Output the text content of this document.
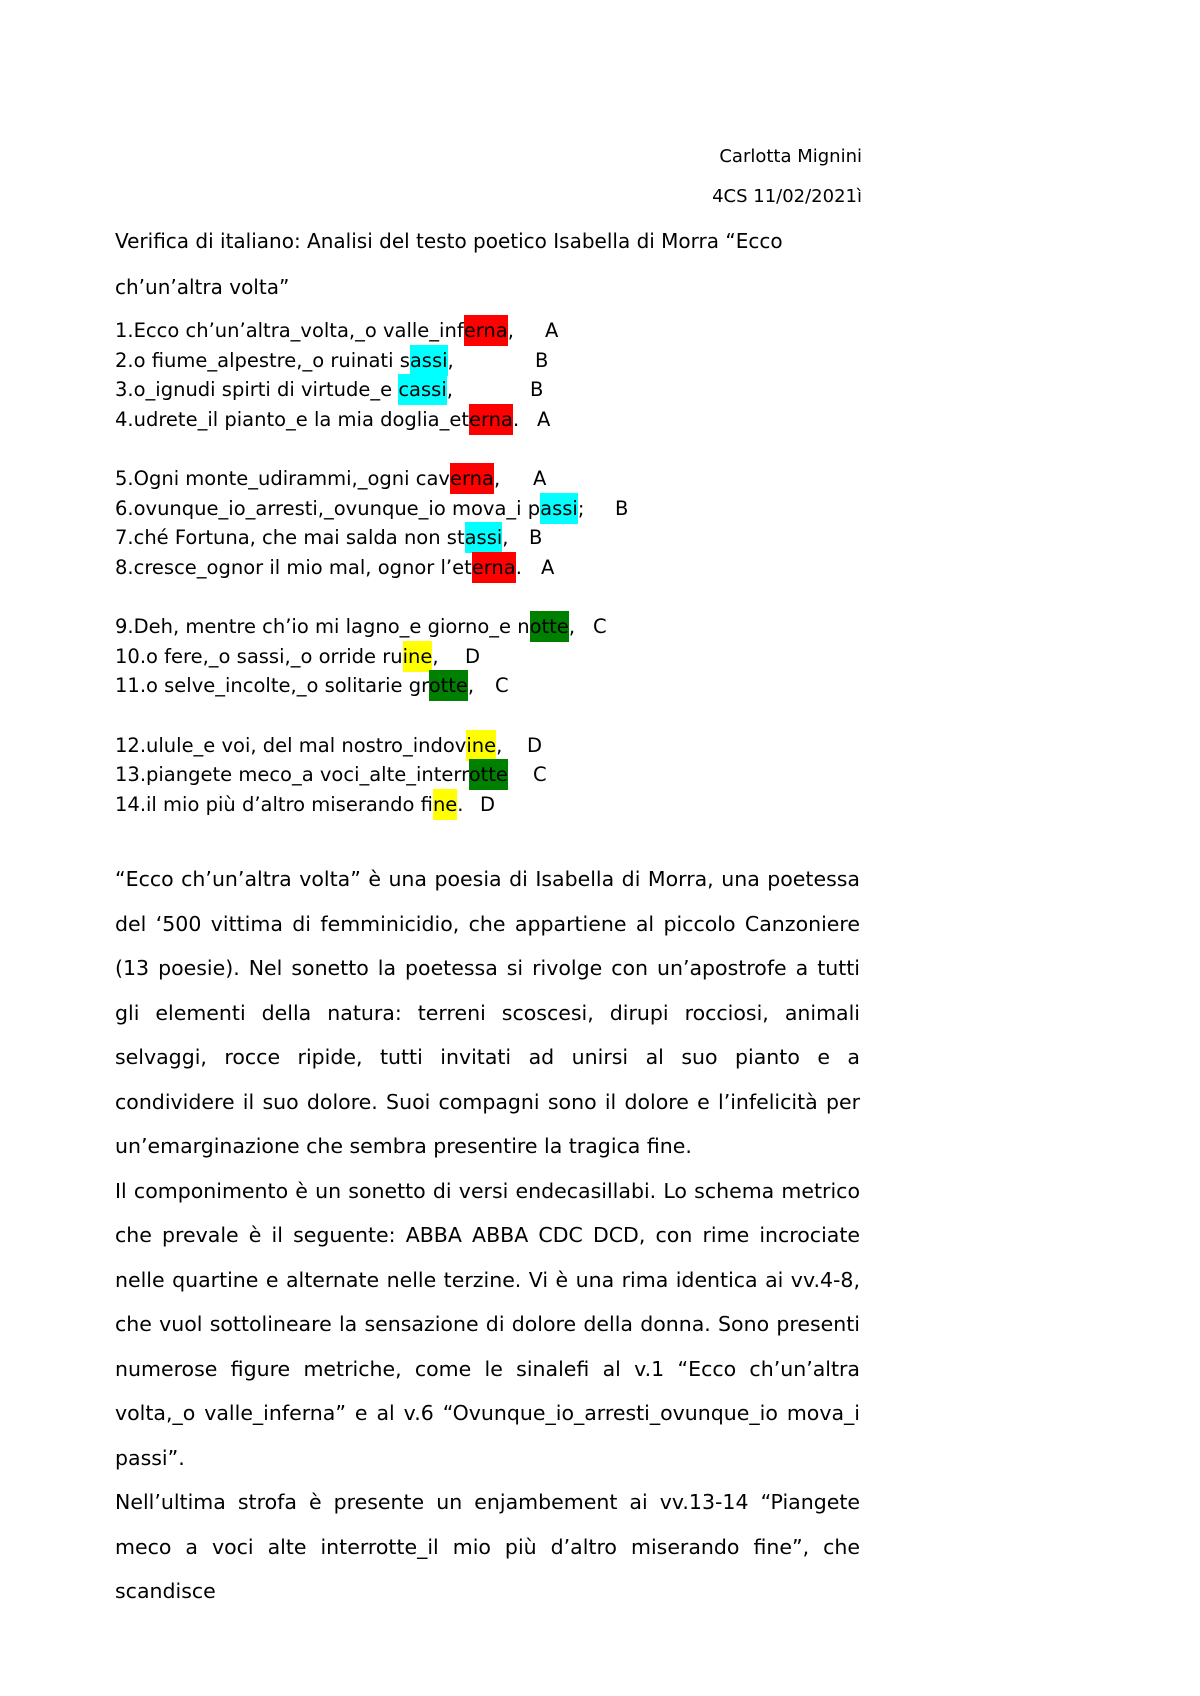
Carlotta Mignini
4CS 11/02/2021ì
Verifica di italiano: Analisi del testo poetico Isabella di Morra “Ecco
ch’un’altra volta”
1.Ecco ch’un’altra_volta,_o valle_inferna, A
2.o fiume_alpestre,_o ruinati sassi,	B
3.o_ignudi spirti di virtude_e cassi,	B
4.udrete_il pianto_e la mia doglia_eterna. A
5.Ogni monte_udirammi,_ogni caverna, A
6.ovunque_io_arresti,_ovunque_io mova_i passi; B
7.ché Fortuna, che mai salda non stassi, B
8.cresce_ognor il mio mal, ognor l’eterna. A
9.Deh, mentre ch’io mi lagno_e giorno_e notte, C
10.o fere,_o sassi,_o orride ruine, D
11.o selve_incolte,_o solitarie grotte, C
12.ulule_e voi, del mal nostro_indovine, D
13.piangete meco_a voci_alte_interrotte C
14.il mio più d’altro miserando fine. D

“Ecco ch’un’altra volta” è una poesia di Isabella di Morra, una poetessa del ‘500 vittima di femminicidio, che appartiene al piccolo Canzoniere (13 poesie). Nel sonetto la poetessa si rivolge con un’apostrofe a tutti gli elementi della natura: terreni scoscesi, dirupi rocciosi, animali selvaggi, rocce ripide, tutti invitati ad unirsi al suo pianto e a condividere il suo dolore. Suoi compagni sono il dolore e l’infelicità per un’emarginazione che sembra presentire la tragica fine.

Il componimento è un sonetto di versi endecasillabi. Lo schema metrico che prevale è il seguente: ABBA ABBA CDC DCD, con rime incrociate nelle quartine e alternate nelle terzine. Vi è una rima identica ai vv.4-8, che vuol sottolineare la sensazione di dolore della donna. Sono presenti numerose figure metriche, come le sinalefi al v.1 “Ecco ch’un’altra volta,_o valle_inferna” e al v.6 “Ovunque_io_arresti_ovunque_io mova_i passi”.

Nell’ultima strofa è presente un enjambement ai vv.13-14 “Piangete meco a voci alte interrotte_il mio più d’altro miserando fine”, che scandisce
